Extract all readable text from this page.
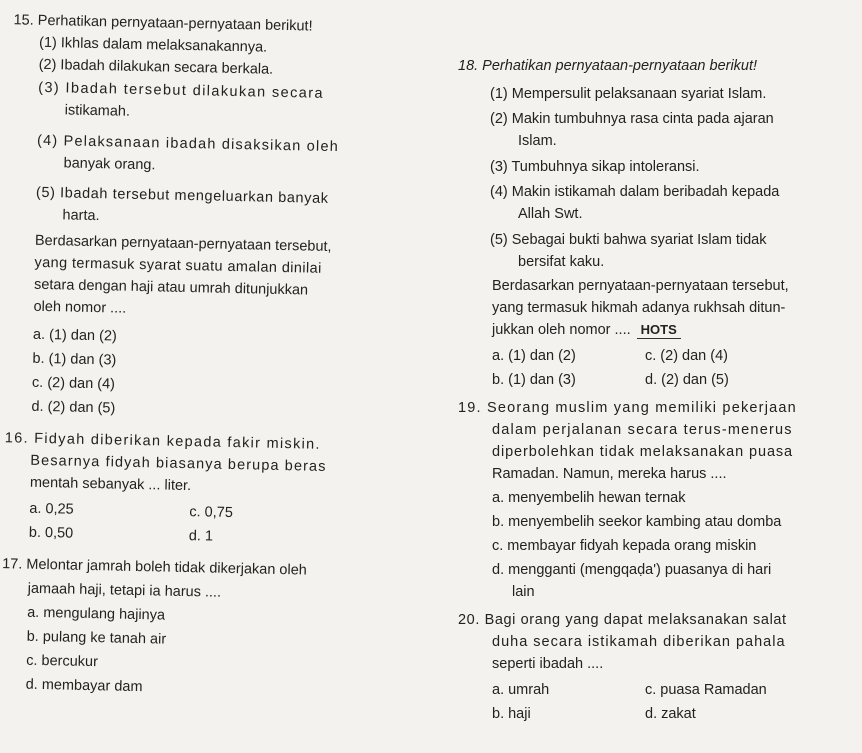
15. Perhatikan pernyataan-pernyataan berikut!
(1) Ikhlas dalam melaksanakannya.
(2) Ibadah dilakukan secara berkala.
(3) Ibadah tersebut dilakukan secara
istikamah.
(4) Pelaksanaan ibadah disaksikan oleh
banyak orang.
(5) Ibadah tersebut mengeluarkan banyak
harta.
Berdasarkan pernyataan-pernyataan tersebut,
yang termasuk syarat suatu amalan dinilai
setara dengan haji atau umrah ditunjukkan
oleh nomor ....
a. (1) dan (2)
b. (1) dan (3)
c. (2) dan (4)
d. (2) dan (5)
16. Fidyah diberikan kepada fakir miskin.
Besarnya fidyah biasanya berupa beras
mentah sebanyak ... liter.
a. 0,25
b. 0,50
c. 0,75
d. 1
17. Melontar jamrah boleh tidak dikerjakan oleh
jamaah haji, tetapi ia harus ....
a. mengulang hajinya
b. pulang ke tanah air
c. bercukur
d. membayar dam
18. Perhatikan pernyataan-pernyataan berikut!
(1) Mempersulit pelaksanaan syariat Islam.
(2) Makin tumbuhnya rasa cinta pada ajaran
Islam.
(3) Tumbuhnya sikap intoleransi.
(4) Makin istikamah dalam beribadah kepada
Allah Swt.
(5) Sebagai bukti bahwa syariat Islam tidak
bersifat kaku.
Berdasarkan pernyataan-pernyataan tersebut,
yang termasuk hikmah adanya rukhsah ditun-
jukkan oleh nomor .... HOTS
a. (1) dan (2)
b. (1) dan (3)
c. (2) dan (4)
d. (2) dan (5)
19. Seorang muslim yang memiliki pekerjaan
dalam perjalanan secara terus-menerus
diperbolehkan tidak melaksanakan puasa
Ramadan. Namun, mereka harus ....
a. menyembelih hewan ternak
b. menyembelih seekor kambing atau domba
c. membayar fidyah kepada orang miskin
d. mengganti (mengqaḍa') puasanya di hari
lain
20. Bagi orang yang dapat melaksanakan salat
duha secara istikamah diberikan pahala
seperti ibadah ....
a. umrah
b. haji
c. puasa Ramadan
d. zakat
